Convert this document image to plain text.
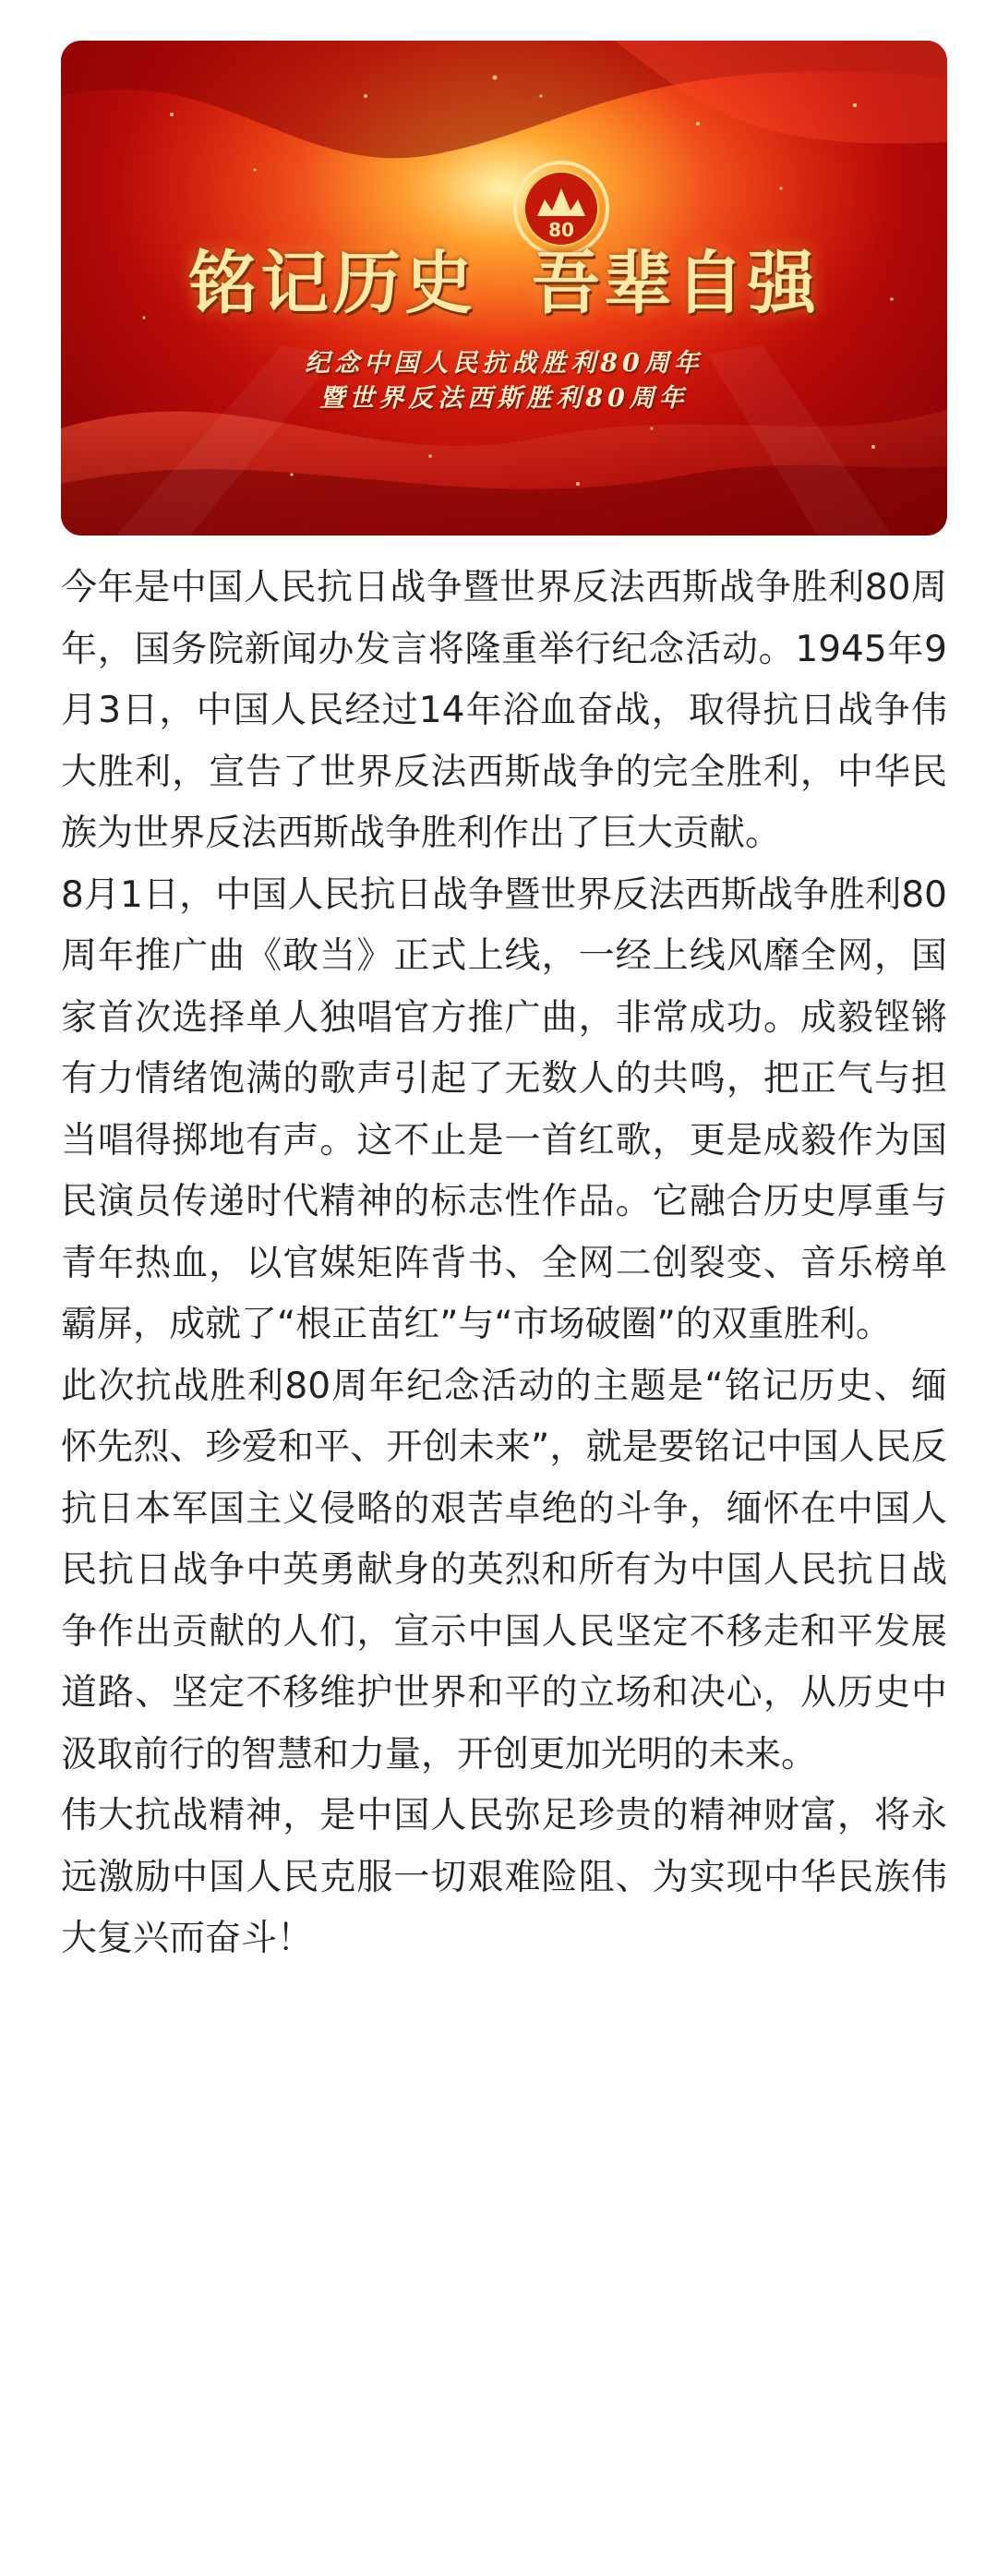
80
铭记历史 吾辈自强
纪念中国人民抗战胜利80周年
暨世界反法西斯胜利80周年

今年是中国人民抗日战争暨世界反法西斯战争胜利80周年，国务院新闻办发言将隆重举行纪念活动。1945年9月3日，中国人民经过14年浴血奋战，取得抗日战争伟大胜利，宣告了世界反法西斯战争的完全胜利，中华民族为世界反法西斯战争胜利作出了巨大贡献。

8月1日，中国人民抗日战争暨世界反法西斯战争胜利80周年推广曲《敢当》正式上线，一经上线风靡全网，国家首次选择单人独唱官方推广曲，非常成功。成毅铿锵有力情绪饱满的歌声引起了无数人的共鸣，把正气与担当唱得掷地有声。这不止是一首红歌，更是成毅作为国民演员传递时代精神的标志性作品。它融合历史厚重与青年热血，以官媒矩阵背书、全网二创裂变、音乐榜单霸屏，成就了“根正苗红”与“市场破圈”的双重胜利。

此次抗战胜利80周年纪念活动的主题是“铭记历史、缅怀先烈、珍爱和平、开创未来”，就是要铭记中国人民反抗日本军国主义侵略的艰苦卓绝的斗争，缅怀在中国人民抗日战争中英勇献身的英烈和所有为中国人民抗日战争作出贡献的人们，宣示中国人民坚定不移走和平发展道路、坚定不移维护世界和平的立场和决心，从历史中汲取前行的智慧和力量，开创更加光明的未来。

伟大抗战精神，是中国人民弥足珍贵的精神财富，将永远激励中国人民克服一切艰难险阻、为实现中华民族伟大复兴而奋斗！
